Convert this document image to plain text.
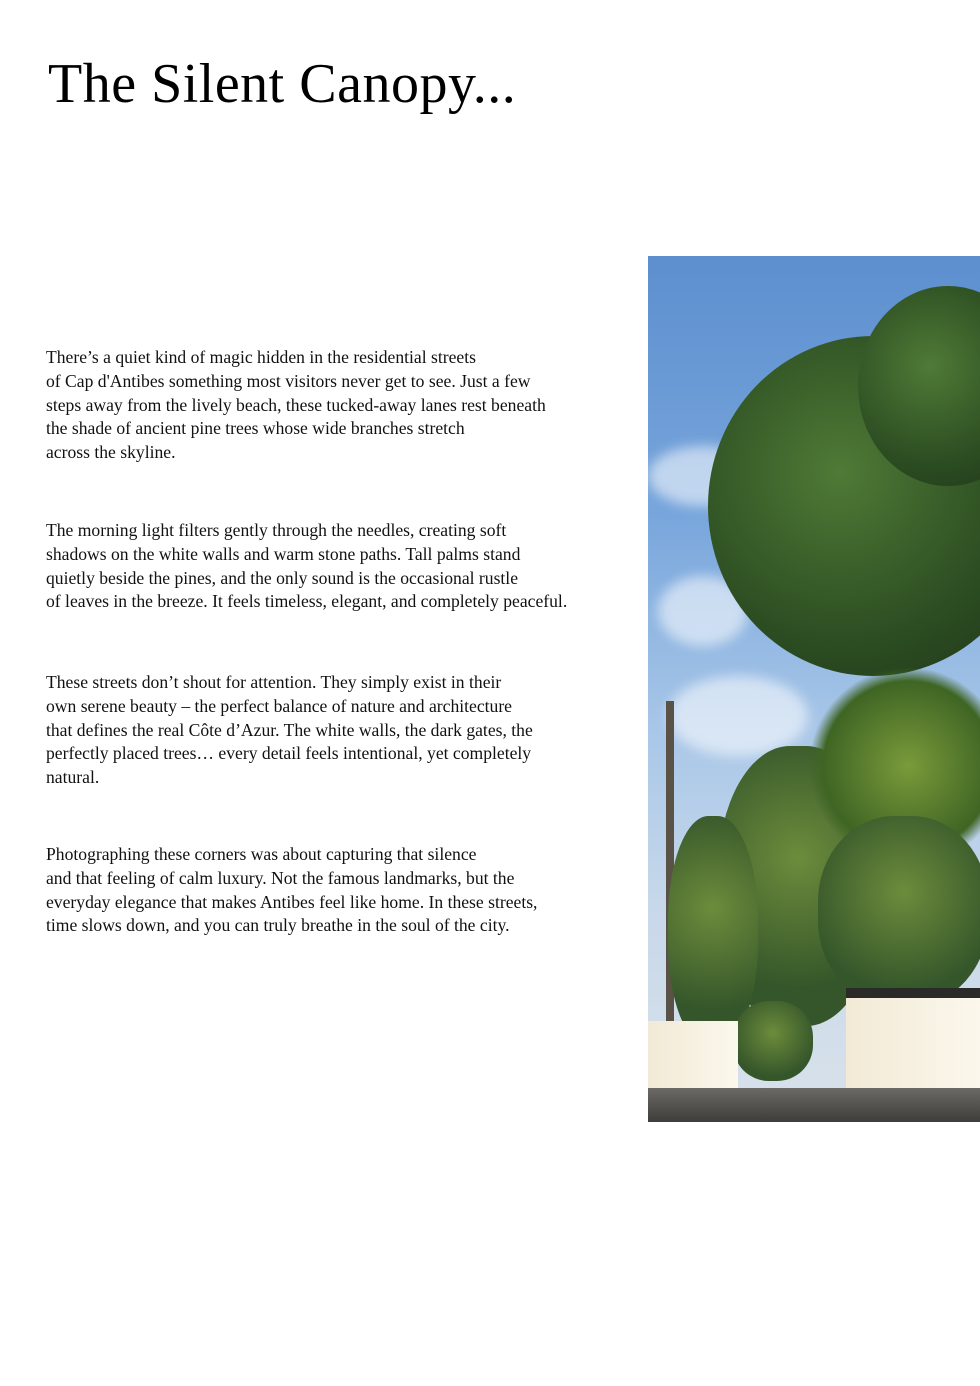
The Silent Canopy...
There’s a quiet kind of magic hidden in the residential streets
of Cap d'Antibes something most visitors never get to see. Just a few
steps away from the lively beach, these tucked-away lanes rest beneath
the shade of ancient pine trees whose wide branches stretch
across the skyline.
The morning light filters gently through the needles, creating soft
shadows on the white walls and warm stone paths. Tall palms stand
quietly beside the pines, and the only sound is the occasional rustle
of leaves in the breeze. It feels timeless, elegant, and completely peaceful.
These streets don’t shout for attention. They simply exist in their
own serene beauty – the perfect balance of nature and architecture
that defines the real Côte d’Azur. The white walls, the dark gates, the
perfectly placed trees… every detail feels intentional, yet completely
natural.
Photographing these corners was about capturing that silence
and that feeling of calm luxury. Not the famous landmarks, but the
everyday elegance that makes Antibes feel like home. In these streets,
time slows down, and you can truly breathe in the soul of the city.
